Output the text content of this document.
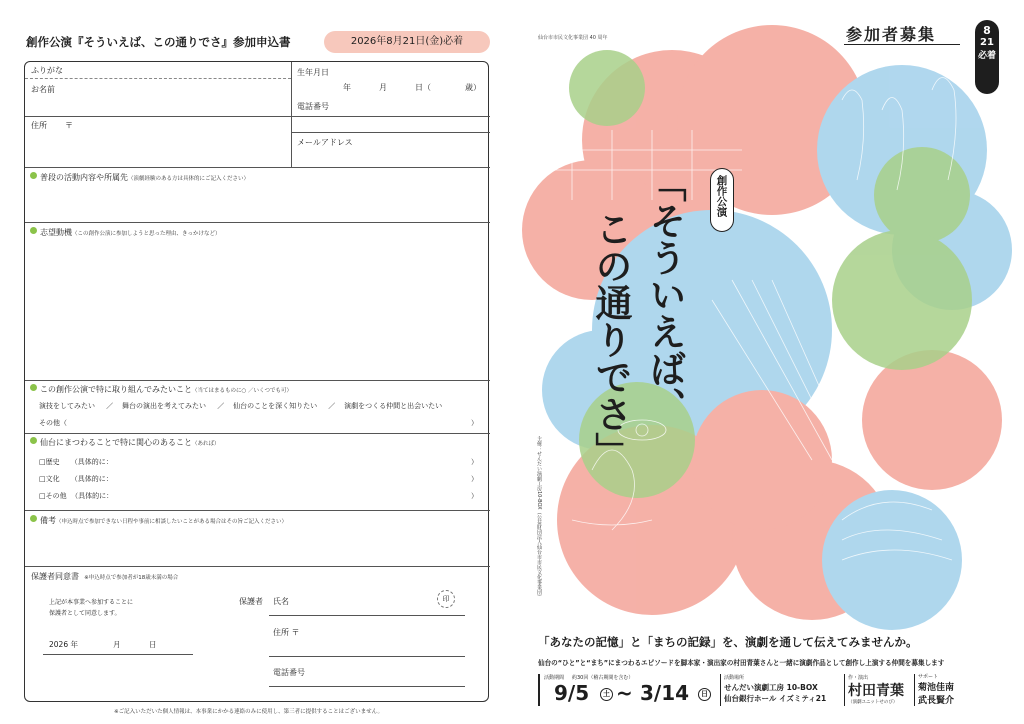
創作公演『そういえば、この通りでさ』参加申込書	2026年8月21日(金)必着
ふりがな
お名前
生年月日
年	月	日（	歳）
電話番号
住所 〒
メールアドレス
普段の活動内容や所属先（演劇経験のある方は具体的にご記入ください）
志望動機（この創作公演に参加しようと思った理由、きっかけなど）
この創作公演で特に取り組んでみたいこと（当てはまるものに○ ／いくつでも可）
演技をしてみたい ／ 舞台の演出を考えてみたい ／ 仙台のことを深く知りたい ／ 演劇をつくる仲間と出会いたい
その他（	）
仙台にまつわることで特に関心のあること（あれば）
□歴史 （具体的に：	）
□文化 （具体的に：	）
□その他 （具体的に：	）
備考（申込時点で参加できない日程や事前に相談したいことがある場合はその旨ご記入ください）
保護者同意書 ※申込時点で参加者が18歳未満の場合
上記が本事業へ参加することに
保護者として同意します。
2026 年	月	日
保護者 氏名	印
住所 〒
電話番号
※ご記入いただいた個人情報は、本事業にかかる連絡のみに使用し、第三者に提供することはございません。
仙台市市民文化事業団 40 周年	参加者募集	8
21
必着
創作公演
「そういえば、
この通りでさ」
主催：せんだい演劇工房10-BOX（公益財団法人仙台市市民文化事業団）
「あなたの記憶」と「まちの記録」を、演劇を通して伝えてみませんか。
仙台の“ひと”と“まち”にまつわるエピソードを脚本家・演出家の村田青葉さんと一緒に演劇作品として創作し上演する仲間を募集します
活動期間 約30回（稽古期間を含む）
9/5	土 ~ 3/14	日
活動場所
せんだい演劇工房 10-BOX
仙台銀行ホール イズミティ21
作・演出
村田青葉
（演劇ユニットせのび）
サポート
菊池佳南
武長賢介
